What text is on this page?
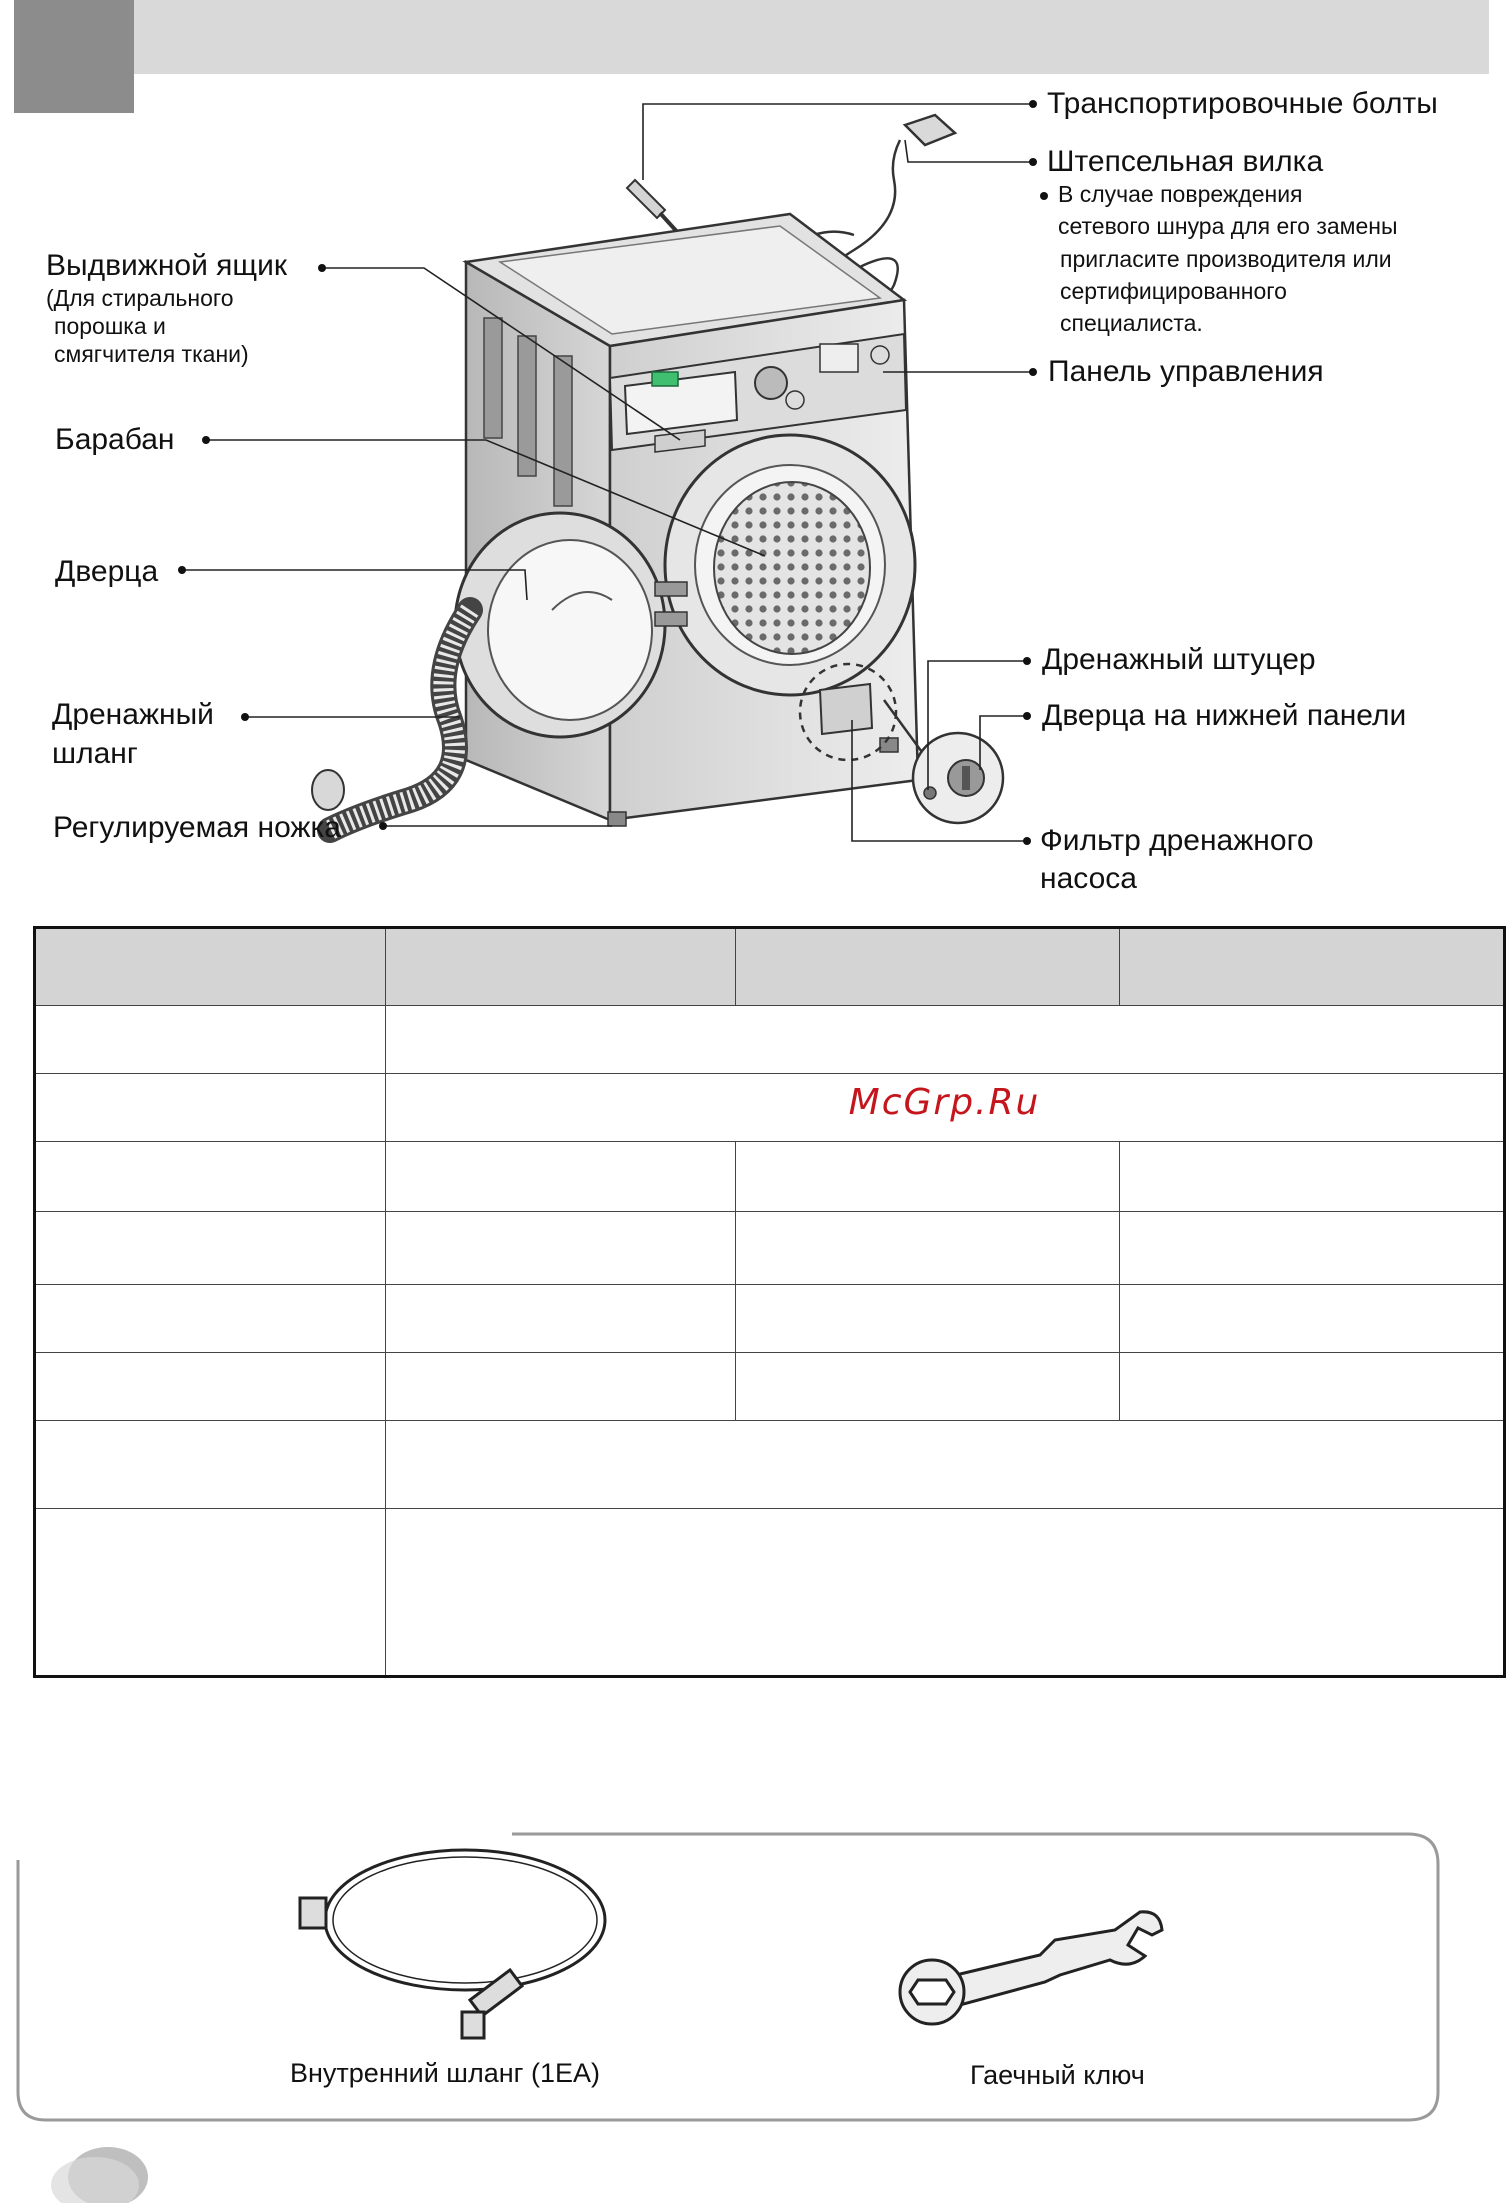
Транспортировочные болты
Штепсельная вилка
В случае повреждения
сетевого шнура для его замены
пригласите производителя или
сертифицированного
специалиста.
Панель управления
Выдвижной ящик
(Для стирального
порошка и
смягчителя ткани)
Барабан
Дверца
Дренажный
шланг
Регулируемая ножка
Дренажный штуцер
Дверца на нижней панели
Фильтр дренажного
насоса
McGrp.Ru
Внутренний шланг (1EA)	Гаечный ключ
